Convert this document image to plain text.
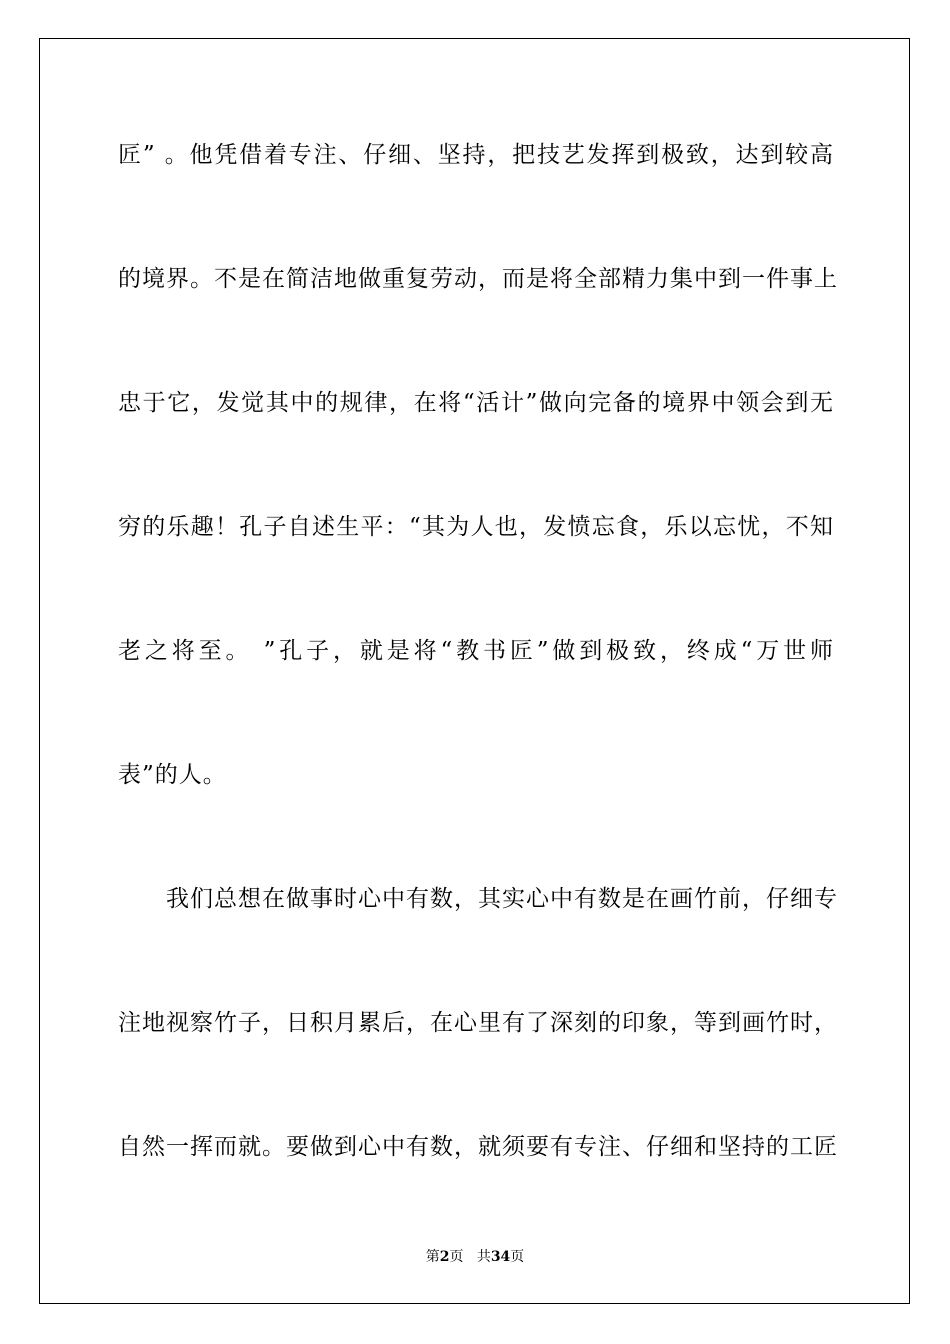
匠” 。他凭借着专注、仔细、坚持，把技艺发挥到极致，达到较高
的境界。不是在简洁地做重复劳动，而是将全部精力集中到一件事上
忠于它，发觉其中的规律，在将“活计”做向完备的境界中领会到无
穷的乐趣！孔子自述生平：“其为人也，发愤忘食，乐以忘忧，不知
老之将至。 ”孔子，就是将“教书匠”做到极致，终成“万世师
表”的人。
　　我们总想在做事时心中有数，其实心中有数是在画竹前，仔细专
注地视察竹子，日积月累后，在心里有了深刻的印象，等到画竹时，
自然一挥而就。要做到心中有数，就须要有专注、仔细和坚持的工匠
第2页 共34页
